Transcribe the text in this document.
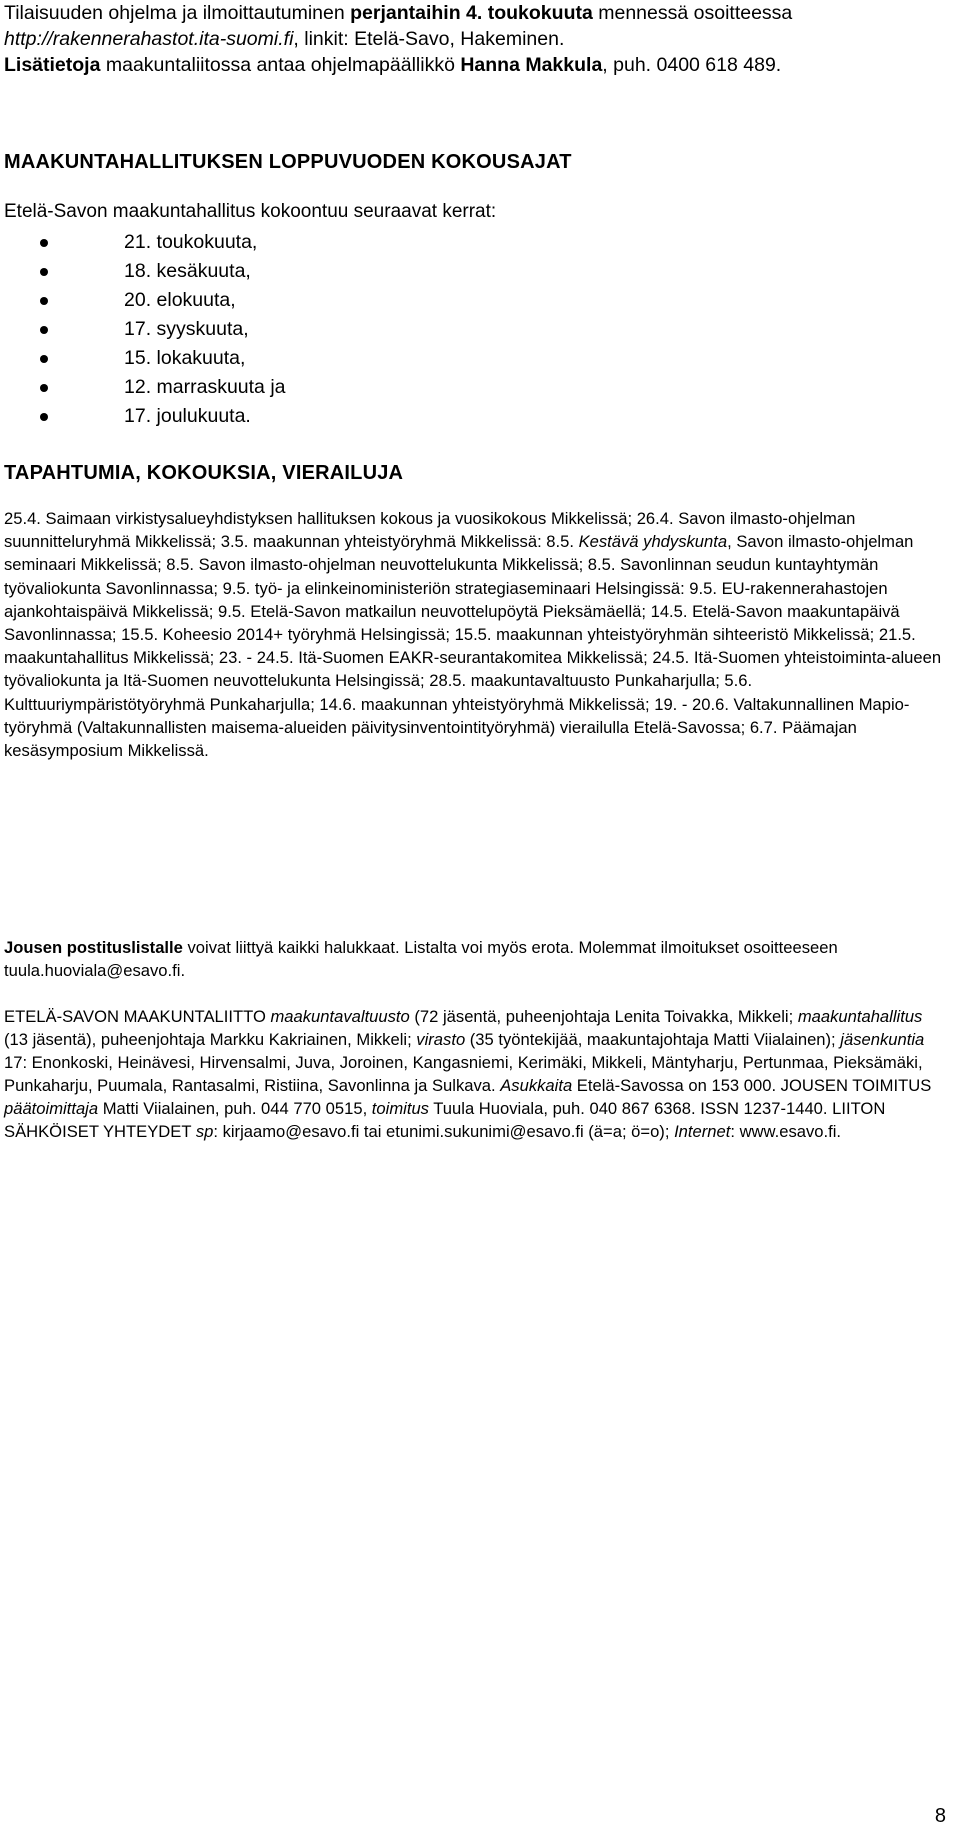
Tilaisuuden ohjelma ja ilmoittautuminen perjantaihin 4. toukokuuta mennessä osoitteessa http://rakennerahastot.ita-suomi.fi, linkit: Etelä-Savo, Hakeminen.
Lisätietoja maakuntaliitossa antaa ohjelmapäällikkö Hanna Makkula, puh. 0400 618 489.

MAAKUNTAHALLITUKSEN LOPPUVUODEN KOKOUSAJAT

Etelä-Savon maakuntahallitus kokoontuu seuraavat kerrat:

21. toukokuuta,
18. kesäkuuta,
20. elokuuta,
17. syyskuuta,
15. lokakuuta,
12. marraskuuta ja
17. joulukuuta.

TAPAHTUMIA, KOKOUKSIA, VIERAILUJA

25.4. Saimaan virkistysalueyhdistyksen hallituksen kokous ja vuosikokous Mikkelissä; 26.4. Savon ilmasto-ohjelman suunnitteluryhmä Mikkelissä; 3.5. maakunnan yhteistyöryhmä Mikkelissä: 8.5. Kestävä yhdyskunta, Savon ilmasto-ohjelman seminaari Mikkelissä; 8.5. Savon ilmasto-ohjelman neuvottelukunta Mikkelissä; 8.5. Savonlinnan seudun kuntayhtymän työvaliokunta Savonlinnassa; 9.5. työ- ja elinkeinoministeriön strategiaseminaari Helsingissä: 9.5. EU-rakennerahastojen ajankohtaispäivä Mikkelissä; 9.5. Etelä-Savon matkailun neuvottelupöytä Pieksämäellä; 14.5. Etelä-Savon maakuntapäivä Savonlinnassa; 15.5. Koheesio 2014+ työryhmä Helsingissä; 15.5. maakunnan yhteistyöryhmän sihteeristö Mikkelissä; 21.5. maakuntahallitus Mikkelissä; 23. - 24.5. Itä-Suomen EAKR-seurantakomitea Mikkelissä; 24.5. Itä-Suomen yhteistoiminta-alueen työvaliokunta ja Itä-Suomen neuvottelukunta Helsingissä; 28.5. maakuntavaltuusto Punkaharjulla; 5.6. Kulttuuriympäristötyöryhmä Punkaharjulla; 14.6. maakunnan yhteistyöryhmä Mikkelissä; 19. - 20.6. Valtakunnallinen Mapio-työryhmä (Valtakunnallisten maisema-alueiden päivitysinventointityöryhmä) vierailulla Etelä-Savossa; 6.7. Päämajan kesäsymposium Mikkelissä.

Jousen postituslistalle voivat liittyä kaikki halukkaat. Listalta voi myös erota. Molemmat ilmoitukset osoitteeseen tuula.huoviala@esavo.fi.

ETELÄ-SAVON MAAKUNTALIITTO maakuntavaltuusto (72 jäsentä, puheenjohtaja Lenita Toivakka, Mikkeli; maakuntahallitus (13 jäsentä), puheenjohtaja Markku Kakriainen, Mikkeli; virasto (35 työntekijää, maakuntajohtaja Matti Viialainen); jäsenkuntia 17: Enonkoski, Heinävesi, Hirvensalmi, Juva, Joroinen, Kangasniemi, Kerimäki, Mikkeli, Mäntyharju, Pertunmaa, Pieksämäki, Punkaharju, Puumala, Rantasalmi, Ristiina, Savonlinna ja Sulkava. Asukkaita Etelä-Savossa on 153 000. JOUSEN TOIMITUS päätoimittaja Matti Viialainen, puh. 044 770 0515, toimitus Tuula Huoviala, puh. 040 867 6368. ISSN 1237-1440. LIITON SÄHKÖISET YHTEYDET sp: kirjaamo@esavo.fi tai etunimi.sukunimi@esavo.fi (ä=a; ö=o); Internet: www.esavo.fi.

8
